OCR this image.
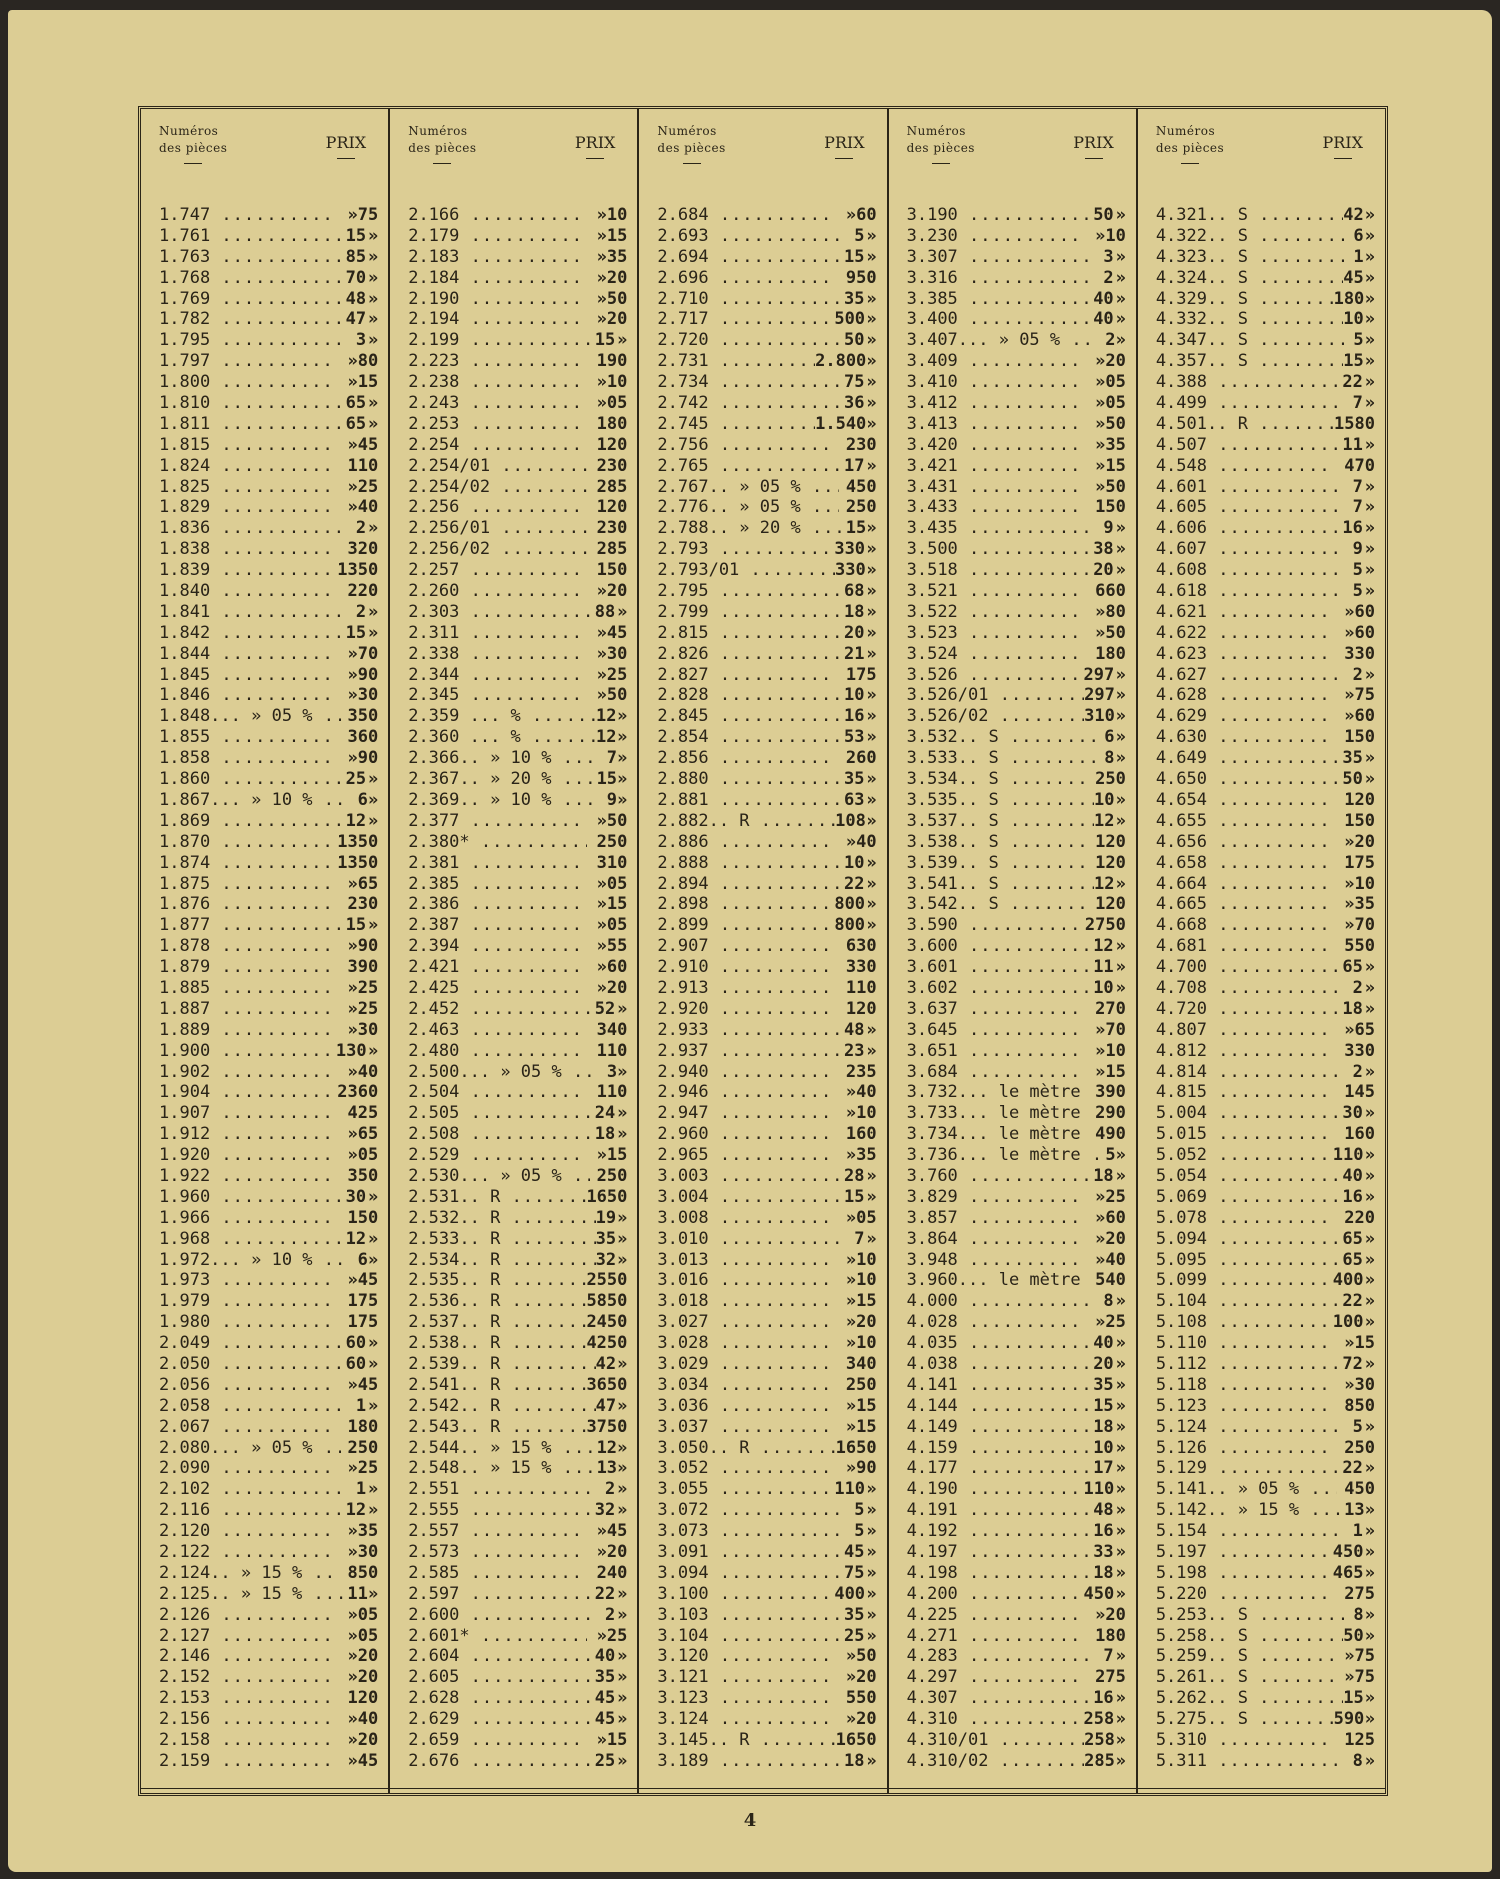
Numéros
des pièces	PRIX
1.747 .....	» 75
1.761 .....	15 »
1.763 .....	85 »
1.768 .....	70 »
1.769 .....	48 »
1.782 .....	47 »
1.795 .....	3 »
1.797 .....	» 80
1.800 .....	» 15
1.810 .....	65 »
1.811 .....	65 »
1.815 .....	» 45
1.824 .....	1 10
1.825 .....	» 25
1.829 .....	» 40
1.836 .....	2 »
1.838 .....	3 20
1.839 .....	13 50
1.840 .....	2 20
1.841 .....	2 »
1.842 .....	15 »
1.844 .....	» 70
1.845 .....	» 90
1.846 .....	» 30
1.848... » 05 % .....	3 50
1.855 .....	3 60
1.858 .....	» 90
1.860 .....	25 »
1.867... » 10 % .....	6 »
1.869 .....	12 »
1.870 .....	13 50
1.874 .....	13 50
1.875 .....	» 65
1.876 .....	2 30
1.877 .....	15 »
1.878 .....	» 90
1.879 .....	3 90
1.885 .....	» 25
1.887 .....	» 25
1.889 .....	» 30
1.900 .....	130 »
1.902 .....	» 40
1.904 .....	23 60
1.907 .....	4 25
1.912 .....	» 65
1.920 .....	» 05
1.922 .....	3 50
1.960 .....	30 »
1.966 .....	1 50
1.968 .....	12 »
1.972... » 10 % .....	6 »
1.973 .....	» 45
1.979 .....	1 75
1.980 .....	1 75
2.049 .....	60 »
2.050 .....	60 »
2.056 .....	» 45
2.058 .....	1 »
2.067 .....	1 80
2.080... » 05 % .....	2 50
2.090 .....	» 25
2.102 .....	1 »
2.116 .....	12 »
2.120 .....	» 35
2.122 .....	» 30
2.124.. » 15 % .....	8 50
2.125.. » 15 % .....	11 »
2.126 .....	» 05
2.127 .....	» 05
2.146 .....	» 20
2.152 .....	» 20
2.153 .....	1 20
2.156 .....	» 40
2.158 .....	» 20
2.159 .....	» 45
Numéros
des pièces	PRIX
2.166 .....	» 10
2.179 .....	» 15
2.183 .....	» 35
2.184 .....	» 20
2.190 .....	» 50
2.194 .....	» 20
2.199 .....	15 »
2.223 .....	1 90
2.238 .....	» 10
2.243 .....	» 05
2.253 .....	1 80
2.254 .....	1 20
2.254/01 .....	2 30
2.254/02 .....	2 85
2.256 .....	1 20
2.256/01 .....	2 30
2.256/02 .....	2 85
2.257 .....	1 50
2.260 .....	» 20
2.303 .....	88 »
2.311 .....	» 45
2.338 .....	» 30
2.344 .....	» 25
2.345 .....	» 50
2.359 ... % .....	12 »
2.360 ... % .....	12 »
2.366.. » 10 % .....	7 »
2.367.. » 20 % .....	15 »
2.369.. » 10 % .....	9 »
2.377 .....	» 50
2.380* .....	2 50
2.381 .....	3 10
2.385 .....	» 05
2.386 .....	» 15
2.387 .....	» 05
2.394 .....	» 55
2.421 .....	» 60
2.425 .....	» 20
2.452 .....	52 »
2.463 .....	3 40
2.480 .....	1 10
2.500... » 05 % .....	3 »
2.504 .....	1 10
2.505 .....	24 »
2.508 .....	18 »
2.529 .....	» 15
2.530... » 05 % .....	2 50
2.531.. R .....	16 50
2.532.. R .....	19 »
2.533.. R .....	35 »
2.534.. R .....	32 »
2.535.. R .....	25 50
2.536.. R .....	58 50
2.537.. R .....	24 50
2.538.. R .....	42 50
2.539.. R .....	42 »
2.541.. R .....	36 50
2.542.. R .....	47 »
2.543.. R .....	37 50
2.544.. » 15 % .....	12 »
2.548.. » 15 % .....	13 »
2.551 .....	2 »
2.555 .....	32 »
2.557 .....	» 45
2.573 .....	» 20
2.585 .....	2 40
2.597 .....	22 »
2.600 .....	2 »
2.601* .....	» 25
2.604 .....	40 »
2.605 .....	35 »
2.628 .....	45 »
2.629 .....	45 »
2.659 .....	» 15
2.676 .....	25 »
Numéros
des pièces	PRIX
2.684 .....	» 60
2.693 .....	5 »
2.694 .....	15 »
2.696 .....	9 50
2.710 .....	35 »
2.717 .....	500 »
2.720 .....	50 »
2.731 .....	2.800 »
2.734 .....	75 »
2.742 .....	36 »
2.745 .....	1.540 »
2.756 .....	2 30
2.765 .....	17 »
2.767.. » 05 % .....	4 50
2.776.. » 05 % .....	2 50
2.788.. » 20 % .....	15 »
2.793 .....	330 »
2.793/01 .....	330 »
2.795 .....	68 »
2.799 .....	18 »
2.815 .....	20 »
2.826 .....	21 »
2.827 .....	1 75
2.828 .....	10 »
2.845 .....	16 »
2.854 .....	53 »
2.856 .....	2 60
2.880 .....	35 »
2.881 .....	63 »
2.882.. R .....	108 »
2.886 .....	» 40
2.888 .....	10 »
2.894 .....	22 »
2.898 .....	800 »
2.899 .....	800 »
2.907 .....	6 30
2.910 .....	3 30
2.913 .....	1 10
2.920 .....	1 20
2.933 .....	48 »
2.937 .....	23 »
2.940 .....	2 35
2.946 .....	» 40
2.947 .....	» 10
2.960 .....	1 60
2.965 .....	» 35
3.003 .....	28 »
3.004 .....	15 »
3.008 .....	» 05
3.010 .....	7 »
3.013 .....	» 10
3.016 .....	» 10
3.018 .....	» 15
3.027 .....	» 20
3.028 .....	» 10
3.029 .....	3 40
3.034 .....	2 50
3.036 .....	» 15
3.037 .....	» 15
3.050.. R .....	16 50
3.052 .....	» 90
3.055 .....	110 »
3.072 .....	5 »
3.073 .....	5 »
3.091 .....	45 »
3.094 .....	75 »
3.100 .....	400 »
3.103 .....	35 »
3.104 .....	25 »
3.120 .....	» 50
3.121 .....	» 20
3.123 .....	5 50
3.124 .....	» 20
3.145.. R .....	16 50
3.189 .....	18 »
Numéros
des pièces	PRIX
3.190 .....	50 »
3.230 .....	» 10
3.307 .....	3 »
3.316 .....	2 »
3.385 .....	40 »
3.400 .....	40 »
3.407... » 05 % .....	2 »
3.409 .....	» 20
3.410 .....	» 05
3.412 .....	» 05
3.413 .....	» 50
3.420 .....	» 35
3.421 .....	» 15
3.431 .....	» 50
3.433 .....	1 50
3.435 .....	9 »
3.500 .....	38 »
3.518 .....	20 »
3.521 .....	6 60
3.522 .....	» 80
3.523 .....	» 50
3.524 .....	1 80
3.526 .....	297 »
3.526/01 .....	297 »
3.526/02 .....	310 »
3.532.. S .....	6 »
3.533.. S .....	8 »
3.534.. S .....	2 50
3.535.. S .....	10 »
3.537.. S .....	12 »
3.538.. S .....	1 20
3.539.. S .....	1 20
3.541.. S .....	12 »
3.542.. S .....	1 20
3.590 .....	27 50
3.600 .....	12 »
3.601 .....	11 »
3.602 .....	10 »
3.637 .....	2 70
3.645 .....	» 70
3.651 .....	» 10
3.684 .....	» 15
3.732... le mètre ..... 3 90
3.733... le mètre ..... 2 90
3.734... le mètre ..... 4 90
3.736... le mètre .....	5 »
3.760 .....	18 »
3.829 .....	» 25
3.857 .....	» 60
3.864 .....	» 20
3.948 .....	» 40
3.960... le mètre ..... 5 40
4.000 .....	8 »
4.028 .....	» 25
4.035 .....	40 »
4.038 .....	20 »
4.141 .....	35 »
4.144 .....	15 »
4.149 .....	18 »
4.159 .....	10 »
4.177 .....	17 »
4.190 .....	110 »
4.191 .....	48 »
4.192 .....	16 »
4.197 .....	33 »
4.198 .....	18 »
4.200 .....	450 »
4.225 .....	» 20
4.271 .....	1 80
4.283 .....	7 »
4.297 .....	2 75
4.307 .....	16 »
4.310 .....	258 »
4.310/01 .....	258 »
4.310/02 .....	285 »
Numéros
des pièces	PRIX
4.321.. S .....	42 »
4.322.. S .....	6 »
4.323.. S .....	1 »
4.324.. S .....	45 »
4.329.. S .....	180 »
4.332.. S .....	10 »
4.347.. S .....	5 »
4.357.. S .....	15 »
4.388 .....	22 »
4.499 .....	7 »
4.501.. R .....	15 80
4.507 .....	11 »
4.548 .....	4 70
4.601 .....	7 »
4.605 .....	7 »
4.606 .....	16 »
4.607 .....	9 »
4.608 .....	5 »
4.618 .....	5 »
4.621 .....	» 60
4.622 .....	» 60
4.623 .....	3 30
4.627 .....	2 »
4.628 .....	» 75
4.629 .....	» 60
4.630 .....	1 50
4.649 .....	35 »
4.650 .....	50 »
4.654 .....	1 20
4.655 .....	1 50
4.656 .....	» 20
4.658 .....	1 75
4.664 .....	» 10
4.665 .....	» 35
4.668 .....	» 70
4.681 .....	5 50
4.700 .....	65 »
4.708 .....	2 »
4.720 .....	18 »
4.807 .....	» 65
4.812 .....	3 30
4.814 .....	2 »
4.815 .....	1 45
5.004 .....	30 »
5.015 .....	1 60
5.052 .....	110 »
5.054 .....	40 »
5.069 .....	16 »
5.078 .....	2 20
5.094 .....	65 »
5.095 .....	65 »
5.099 .....	400 »
5.104 .....	22 »
5.108 .....	100 »
5.110 .....	» 15
5.112 .....	72 »
5.118 .....	» 30
5.123 .....	8 50
5.124 .....	5 »
5.126 .....	2 50
5.129 .....	22 »
5.141.. » 05 % .....	4 50
5.142.. » 15 % .....	13 »
5.154 .....	1 »
5.197 .....	450 »
5.198 .....	465 »
5.220 .....	2 75
5.253.. S .....	8 »
5.258.. S .....	50 »
5.259.. S .....	» 75
5.261.. S .....	» 75
5.262.. S .....	15 »
5.275.. S .....	590 »
5.310 .....	1 25
5.311 .....	8 »
4
